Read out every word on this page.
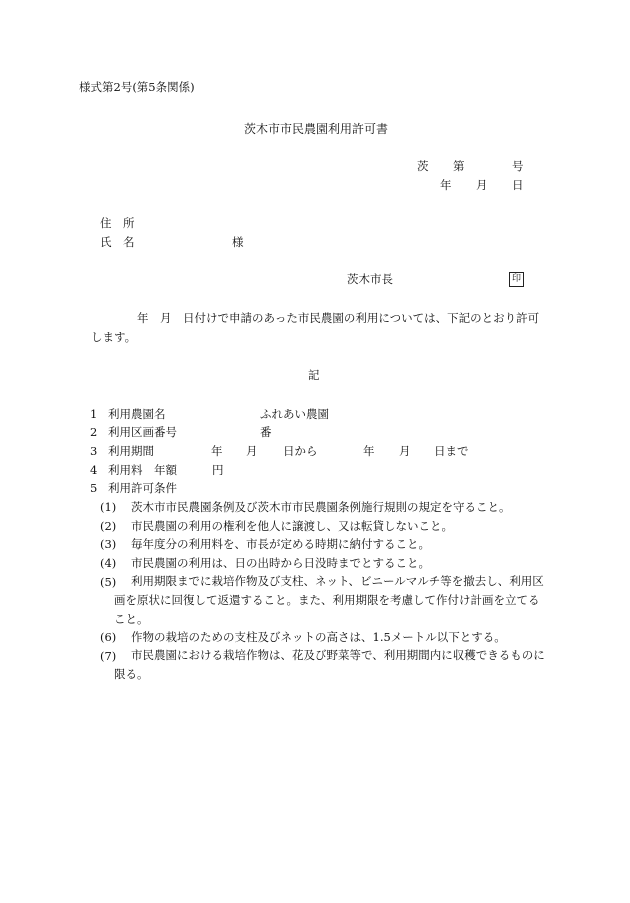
様式第2号(第5条関係)
茨木市市民農園利用許可書
茨 第	号
年 月 日
住　所
氏　名	様
茨木市長	印
年　月　日付けで申請のあった市民農園の利用については、下記のとおり許可
します。
記
1 利用農園名	ふれあい農園
2 利用区画番号	番
3 利用期間	年 月 日から	年 月 日まで
4 利用料　年額	円
5 利用許可条件
(1) 茨木市市民農園条例及び茨木市市民農園条例施行規則の規定を守ること。
(2) 市民農園の利用の権利を他人に譲渡し、又は転貸しないこと。
(3) 毎年度分の利用料を、市長が定める時期に納付すること。
(4) 市民農園の利用は、日の出時から日没時までとすること。
(5)	利用期限までに栽培作物及び支柱、ネット、ビニールマルチ等を撤去し、利用区画を原状に回復して返還すること。また、利用期限を考慮して作付け計画を立てること。
(6) 作物の栽培のための支柱及びネットの高さは、1.5メートル以下とする。
(7)	市民農園における栽培作物は、花及び野菜等で、利用期間内に収穫できるものに限る。
